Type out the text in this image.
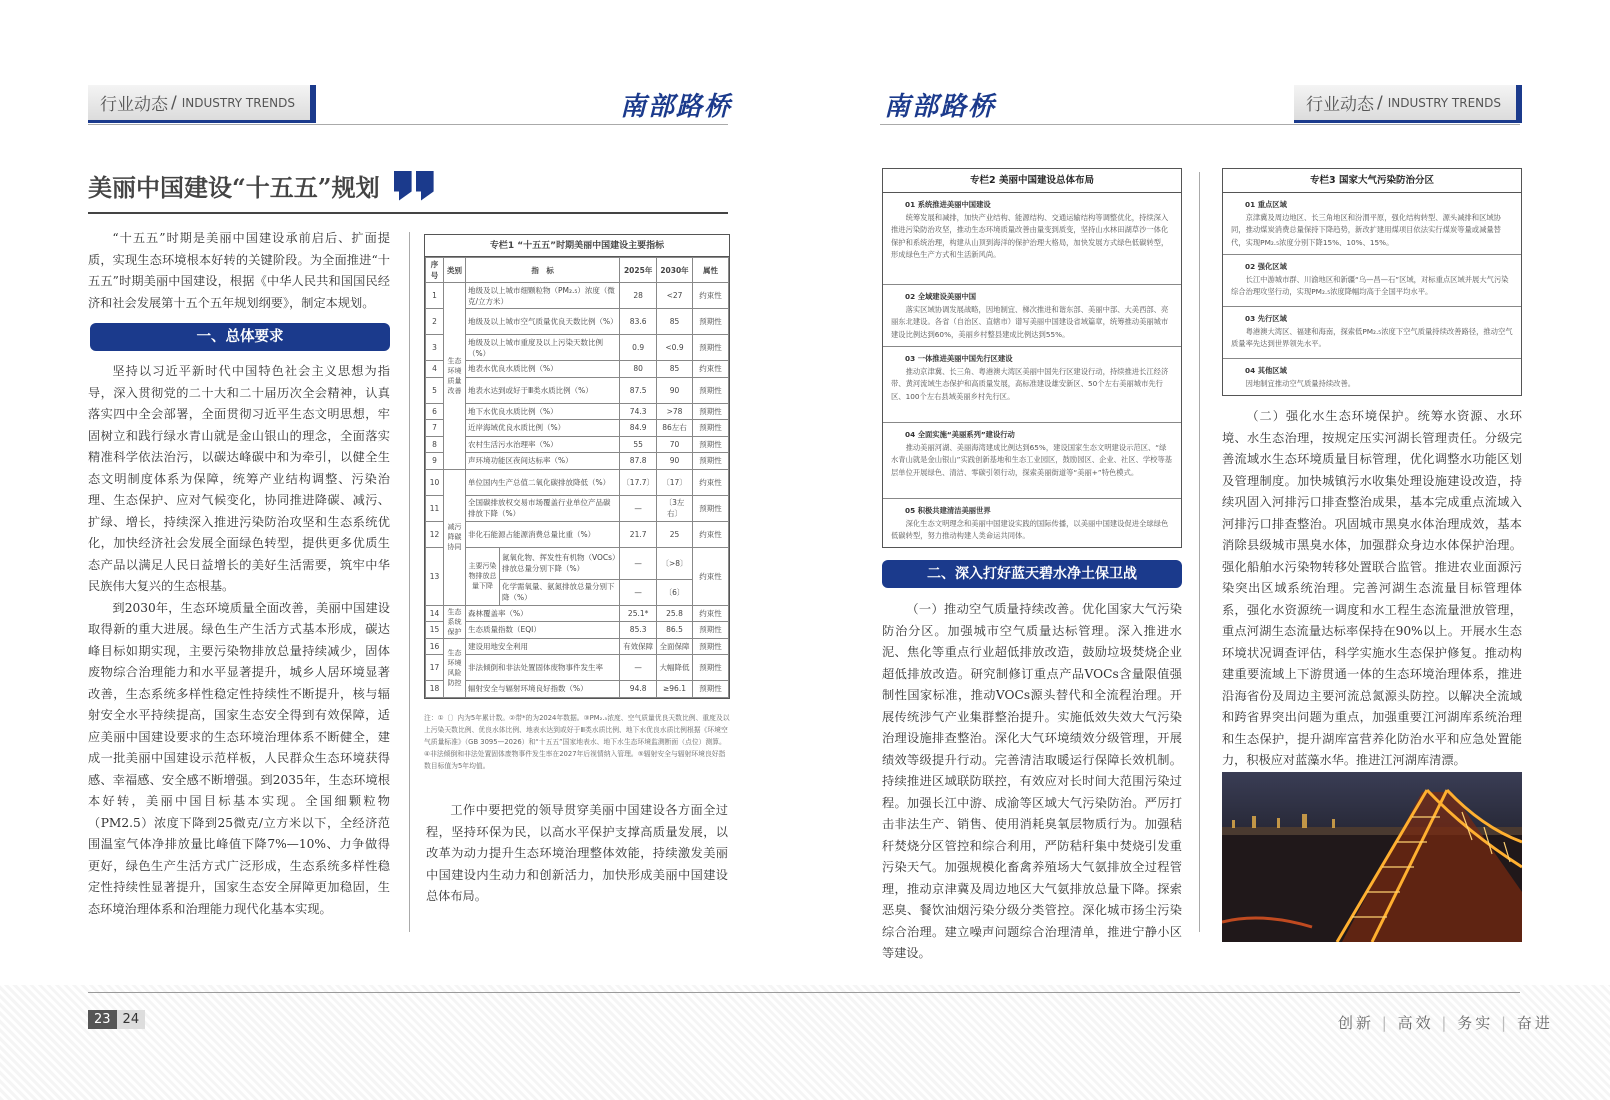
行业动态 / INDUSTRY TRENDS	南部路桥	南部路桥	行业动态 / INDUSTRY TRENDS
美丽中国建设“十五五”规划

“十五五”时期是美丽中国建设承前启后、扩面提质，实现生态环境根本好转的关键阶段。为全面推进“十五五”时期美丽中国建设，根据《中华人民共和国国民经济和社会发展第十五个五年规划纲要》，制定本规划。

一、总体要求

坚持以习近平新时代中国特色社会主义思想为指导，深入贯彻党的二十大和二十届历次全会精神，认真落实四中全会部署，全面贯彻习近平生态文明思想，牢固树立和践行绿水青山就是金山银山的理念，全面落实精准科学依法治污，以碳达峰碳中和为牵引，以健全生态文明制度体系为保障，统筹产业结构调整、污染治理、生态保护、应对气候变化，协同推进降碳、减污、扩绿、增长，持续深入推进污染防治攻坚和生态系统优化，加快经济社会发展全面绿色转型，提供更多优质生态产品以满足人民日益增长的美好生活需要，筑牢中华民族伟大复兴的生态根基。

到2030年，生态环境质量全面改善，美丽中国建设取得新的重大进展。绿色生产生活方式基本形成，碳达峰目标如期实现，主要污染物排放总量持续减少，固体废物综合治理能力和水平显著提升，城乡人居环境显著改善，生态系统多样性稳定性持续性不断提升，核与辐射安全水平持续提高，国家生态安全得到有效保障，适应美丽中国建设要求的生态环境治理体系不断健全，建成一批美丽中国建设示范样板，人民群众生态环境获得感、幸福感、安全感不断增强。到2035年，生态环境根本好转，美丽中国目标基本实现。全国细颗粒物（PM2.5）浓度下降到25微克/立方米以下，全经济范围温室气体净排放量比峰值下降7%—10%、力争做得更好，绿色生产生活方式广泛形成，生态系统多样性稳定性持续性显著提升，国家生态安全屏障更加稳固，生态环境治理体系和治理能力现代化基本实现。

专栏1 “十五五”时期美丽中国建设主要指标
序号	类别	指　标		2025年	2030年	属性
1	生态环境质量改善	地级及以上城市细颗粒物（PM₂.₅）浓度（微克/立方米）		28	<27	约束性
2		地级及以上城市空气质量优良天数比例（%）		83.6	85	预期性
3		地级及以上城市重度及以上污染天数比例（%）		0.9	<0.9	预期性
4		地表水优良水质比例（%）		80	85	约束性
5		地表水达到或好于Ⅲ类水质比例（%）		87.5	90	预期性
6		地下水优良水质比例（%）		74.3	>78	预期性
7		近岸海域优良水质比例（%）		84.9	86左右	预期性
8		农村生活污水治理率（%）		55	70	预期性
9		声环境功能区夜间达标率（%）		87.8	90	预期性
10	减污降碳协同	单位国内生产总值二氧化碳排放降低（%）		〔17.7〕	〔17〕	约束性
11		全国碳排放权交易市场覆盖行业单位产品碳排放下降（%）		—	〔3左右〕	预期性
12		非化石能源占能源消费总量比重（%）		21.7	25	约束性
13		主要污染物排放总量下降	氮氧化物、挥发性有机物（VOCs）排放总量分别下降（%）	—	〔>8〕	约束性
			化学需氧量、氨氮排放总量分别下降（%）	—	〔6〕	
14	生态系统保护	森林覆盖率（%）		25.1*	25.8	约束性
15		生态质量指数（EQI）		85.3	86.5	预期性
16	生态环境风险防控	建设用地安全利用		有效保障	全面保障	预期性
17		非法倾倒和非法处置固体废物事件发生率		—	大幅降低	预期性
18		辐射安全与辐射环境良好指数（%）		94.8	≥96.1	预期性
注：①〔〕内为5年累计数。②带*的为2024年数据。③PM₂.₅浓度、空气质量优良天数比例、重度及以上污染天数比例、优良水体比例、地表水达到或好于Ⅲ类水质比例、地下水优良水质比例根据《环境空气质量标准》（GB 3095—2026）和“十五五”国家地表水、地下水生态环境监测断面（点位）测算。④非法倾倒和非法处置固体废物事件发生率在2027年后视情纳入管理。⑤辐射安全与辐射环境良好指数目标值为5年均值。

工作中要把党的领导贯穿美丽中国建设各方面全过程，坚持环保为民，以高水平保护支撑高质量发展，以改革为动力提升生态环境治理整体效能，持续激发美丽中国建设内生动力和创新活力，加快形成美丽中国建设总体布局。

专栏2 美丽中国建设总体布局
01 系统推进美丽中国建设

统筹发展和减排，加快产业结构、能源结构、交通运输结构等调整优化，持续深入推进污染防治攻坚，推动生态环境质量改善由量变到质变，坚持山水林田湖草沙一体化保护和系统治理，构建从山顶到海洋的保护治理大格局，加快发展方式绿色低碳转型，形成绿色生产方式和生活新风尚。

02 全域建设美丽中国

落实区域协调发展战略，因地制宜、梯次推进和谐东部、美丽中部、大美西部、亮丽东北建设。各省（自治区、直辖市）谱写美丽中国建设省域篇章，统筹推动美丽城市建设比例达到60%，美丽乡村整县建成比例达到55%。

03 一体推进美丽中国先行区建设

推动京津冀、长三角、粤港澳大湾区美丽中国先行区建设行动，持续推进长江经济带、黄河流域生态保护和高质量发展，高标准建设雄安新区、50个左右美丽城市先行区、100个左右县域美丽乡村先行区。

04 全面实施“美丽系列”建设行动

推动美丽河湖、美丽海湾建成比例达到65%，建设国家生态文明建设示范区、“绿水青山就是金山银山”实践创新基地和生态工业园区，鼓励园区、企业、社区、学校等基层单位开展绿色、清洁、零碳引领行动，探索美丽街道等“美丽+”特色模式。

05 积极共建清洁美丽世界

深化生态文明理念和美丽中国建设实践的国际传播，以美丽中国建设促进全球绿色低碳转型，努力推动构建人类命运共同体。

二、深入打好蓝天碧水净土保卫战

（一）推动空气质量持续改善。优化国家大气污染防治分区。加强城市空气质量达标管理。深入推进水泥、焦化等重点行业超低排放改造，鼓励垃圾焚烧企业超低排放改造。研究制修订重点产品VOCs含量限值强制性国家标准，推动VOCs源头替代和全流程治理。开展传统涉气产业集群整治提升。实施低效失效大气污染治理设施排查整治。深化大气环境绩效分级管理，开展绩效等级提升行动。完善清洁取暖运行保障长效机制。持续推进区域联防联控，有效应对长时间大范围污染过程。加强长江中游、成渝等区域大气污染防治。严厉打击非法生产、销售、使用消耗臭氧层物质行为。加强秸秆焚烧分区管控和综合利用，严防秸秆集中焚烧引发重污染天气。加强规模化畜禽养殖场大气氨排放全过程管理，推动京津冀及周边地区大气氨排放总量下降。探索恶臭、餐饮油烟污染分级分类管控。深化城市扬尘污染综合治理。建立噪声问题综合治理清单，推进宁静小区等建设。

专栏3 国家大气污染防治分区
01 重点区域

京津冀及周边地区、长三角地区和汾渭平原，强化结构转型、源头减排和区域协同，推动煤炭消费总量保持下降趋势，新改扩建用煤项目依法实行煤炭等量或减量替代，实现PM₂.₅浓度分别下降15%、10%、15%。

02 强化区域

长江中游城市群、川渝地区和新疆“乌—昌—石”区域，对标重点区域并展大气污染综合治理攻坚行动，实现PM₂.₅浓度降幅均高于全国平均水平。

03 先行区域

粤港澳大湾区、福建和海南，探索低PM₂.₅浓度下空气质量持续改善路径，推动空气质量率先达到世界领先水平。

04 其他区域

因地制宜推动空气质量持续改善。

（二）强化水生态环境保护。统筹水资源、水环境、水生态治理，按规定压实河湖长管理责任。分级完善流域水生态环境质量目标管理，优化调整水功能区划及管理制度。加快城镇污水收集处理设施建设改造，持续巩固入河排污口排查整治成果，基本完成重点流域入河排污口排查整治。巩固城市黑臭水体治理成效，基本消除县级城市黑臭水体，加强群众身边水体保护治理。强化船舶水污染物转移处置联合监管。推进农业面源污染突出区域系统治理。完善河湖生态流量目标管理体系，强化水资源统一调度和水工程生态流量泄放管理，重点河湖生态流量达标率保持在90%以上。开展水生态环境状况调查评估，科学实施水生态保护修复。推动构建重要流域上下游贯通一体的生态环境治理体系，推进沿海省份及周边主要河流总氮源头防控。以解决全流域和跨省界突出问题为重点，加强重要江河湖库系统治理和生态保护，提升湖库富营养化防治水平和应急处置能力，积极应对蓝藻水华。推进江河湖库清漂。

23 24	创新 | 高效 | 务实 | 奋进
